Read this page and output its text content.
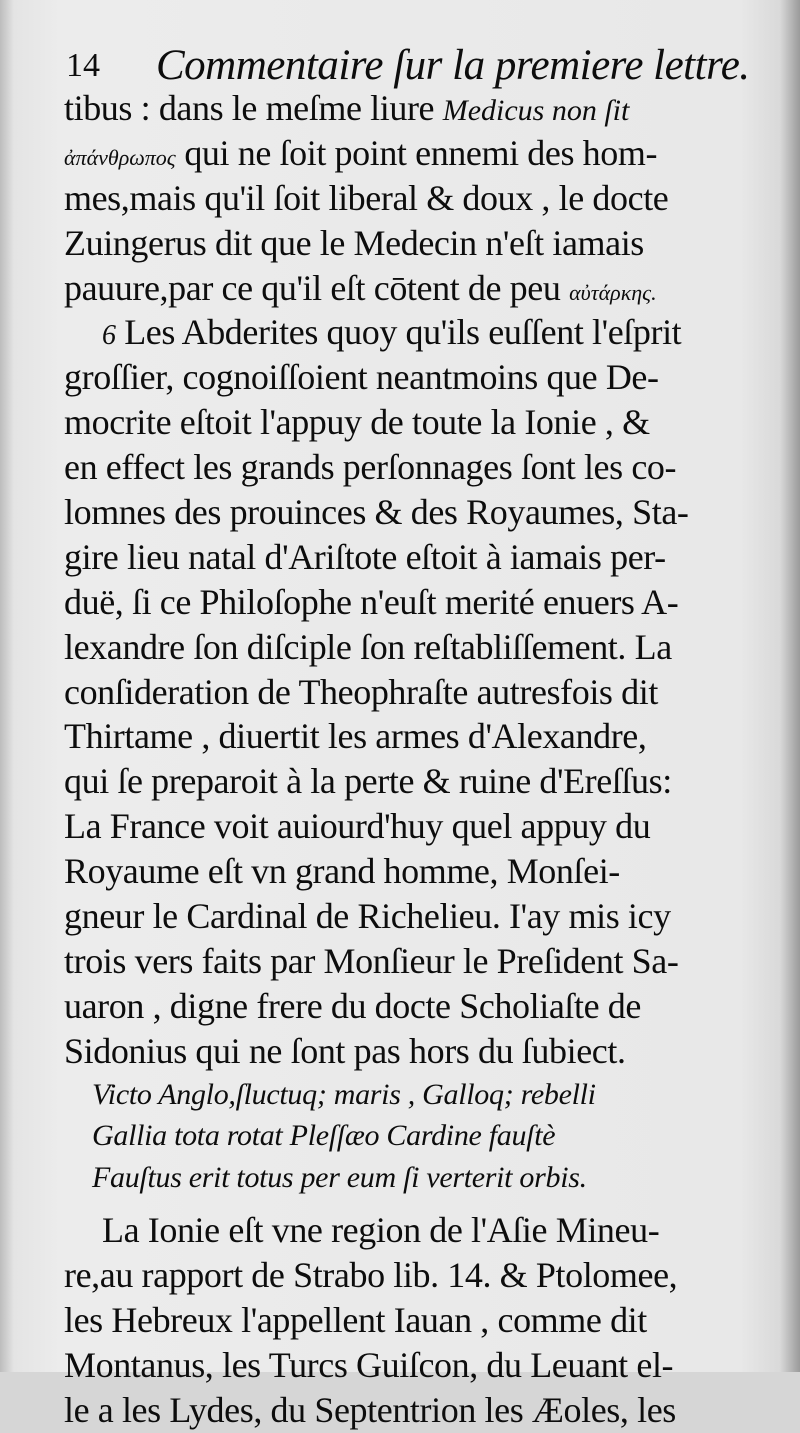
14 Commentaire ſur la premiere lettre.
tibus : dans le meſme liure Medicus non ſit
ἀπάνθρωπος qui ne ſoit point ennemi des hom-
mes,mais qu'il ſoit liberal & doux , le docte
Zuingerus dit que le Medecin n'eſt iamais
pauure,par ce qu'il eſt cōtent de peu αὐτάρκης.
6 Les Abderites quoy qu'ils euſſent l'eſprit
groſſier, cognoiſſoient neantmoins que De-
mocrite eſtoit l'appuy de toute la Ionie , &
en effect les grands perſonnages ſont les co-
lomnes des prouinces & des Royaumes, Sta-
gire lieu natal d'Ariſtote eſtoit à iamais per-
duë, ſi ce Philoſophe n'euſt merité enuers A-
lexandre ſon diſciple ſon reſtabliſſement. La
conſideration de Theophraſte autresfois dit
Thirtame , diuertit les armes d'Alexandre,
qui ſe preparoit à la perte & ruine d'Ereſſus:
La France voit auiourd'huy quel appuy du
Royaume eſt vn grand homme, Monſei-
gneur le Cardinal de Richelieu. I'ay mis icy
trois vers faits par Monſieur le Preſident Sa-
uaron , digne frere du docte Scholiaſte de
Sidonius qui ne ſont pas hors du ſubiect.
Victo Anglo,ſluctuq; maris , Galloq; rebelli
Gallia tota rotat Pleſſæo Cardine fauſtè
Fauſtus erit totus per eum ſi verterit orbis.
La Ionie eſt vne region de l'Aſie Mineu-
re,au rapport de Strabo lib. 14. & Ptolomee,
les Hebreux l'appellent Iauan , comme dit
Montanus, les Turcs Guiſcon, du Leuant el-
le a les Lydes, du Septentrion les Æoles, les
